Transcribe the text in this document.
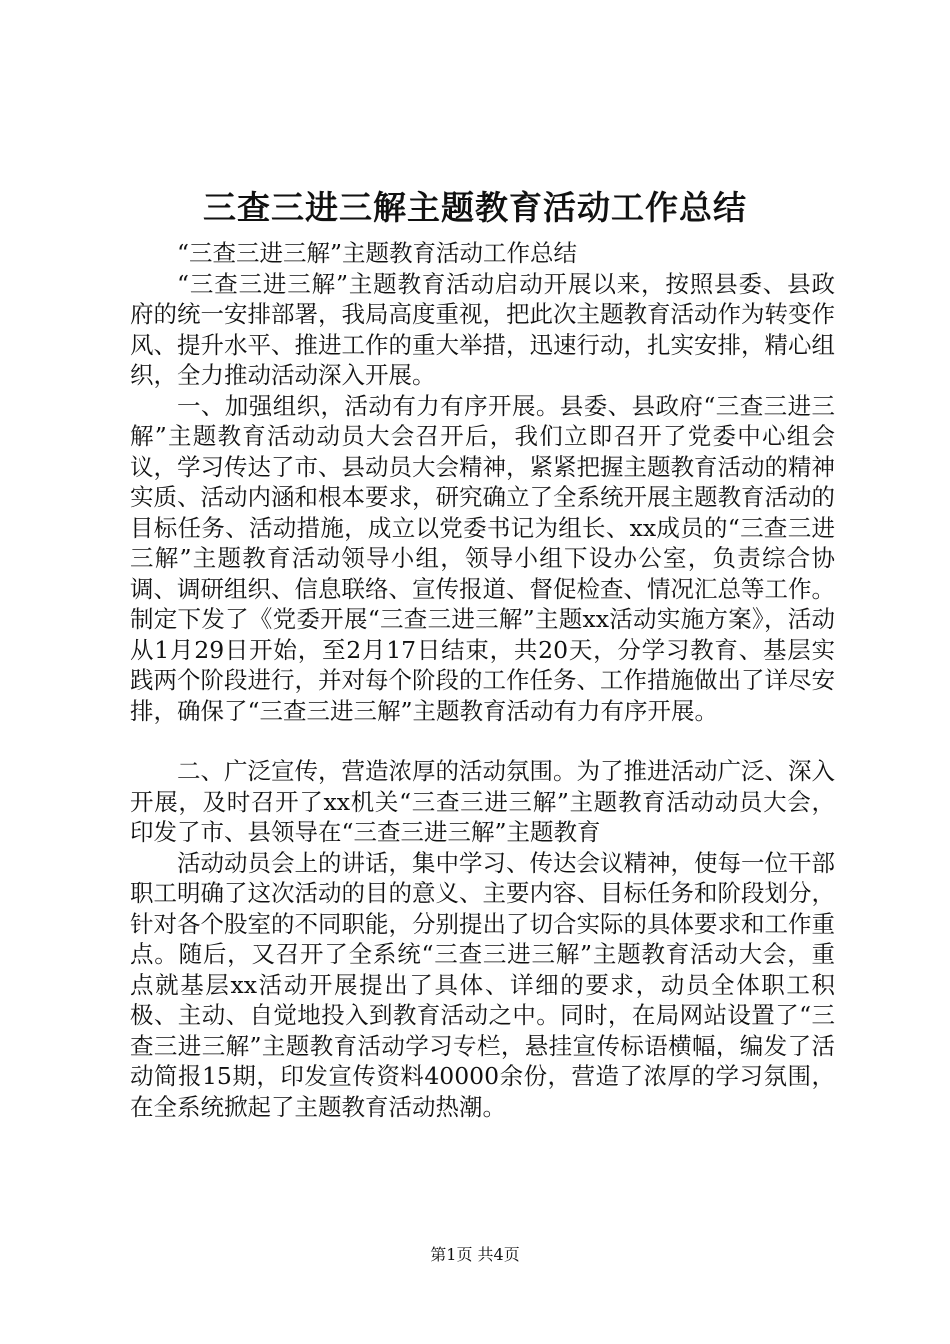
三查三进三解主题教育活动工作总结

“三查三进三解”主题教育活动工作总结

“三查三进三解”主题教育活动启动开展以来，按照县委、县政府的统一安排部署，我局高度重视，把此次主题教育活动作为转变作风、提升水平、推进工作的重大举措，迅速行动，扎实安排，精心组织，全力推动活动深入开展。

一、加强组织，活动有力有序开展。县委、县政府“三查三进三解”主题教育活动动员大会召开后，我们立即召开了党委中心组会议，学习传达了市、县动员大会精神，紧紧把握主题教育活动的精神实质、活动内涵和根本要求，研究确立了全系统开展主题教育活动的目标任务、活动措施，成立以党委书记为组长、xx成员的“三查三进三解”主题教育活动领导小组，领导小组下设办公室，负责综合协调、调研组织、信息联络、宣传报道、督促检查、情况汇总等工作。制定下发了《党委开展“三查三进三解”主题xx活动实施方案》，活动从1月29日开始，至2月17日结束，共20天，分学习教育、基层实践两个阶段进行，并对每个阶段的工作任务、工作措施做出了详尽安排，确保了“三查三进三解”主题教育活动有力有序开展。

二、广泛宣传，营造浓厚的活动氛围。为了推进活动广泛、深入开展，及时召开了xx机关“三查三进三解”主题教育活动动员大会，印发了市、县领导在“三查三进三解”主题教育

活动动员会上的讲话，集中学习、传达会议精神，使每一位干部职工明确了这次活动的目的意义、主要内容、目标任务和阶段划分，针对各个股室的不同职能，分别提出了切合实际的具体要求和工作重点。随后，又召开了全系统“三查三进三解”主题教育活动大会，重点就基层xx活动开展提出了具体、详细的要求，动员全体职工积极、主动、自觉地投入到教育活动之中。同时，在局网站设置了“三查三进三解”主题教育活动学习专栏，悬挂宣传标语横幅，编发了活动简报15期，印发宣传资料40000余份，营造了浓厚的学习氛围，在全系统掀起了主题教育活动热潮。

第1页 共4页
